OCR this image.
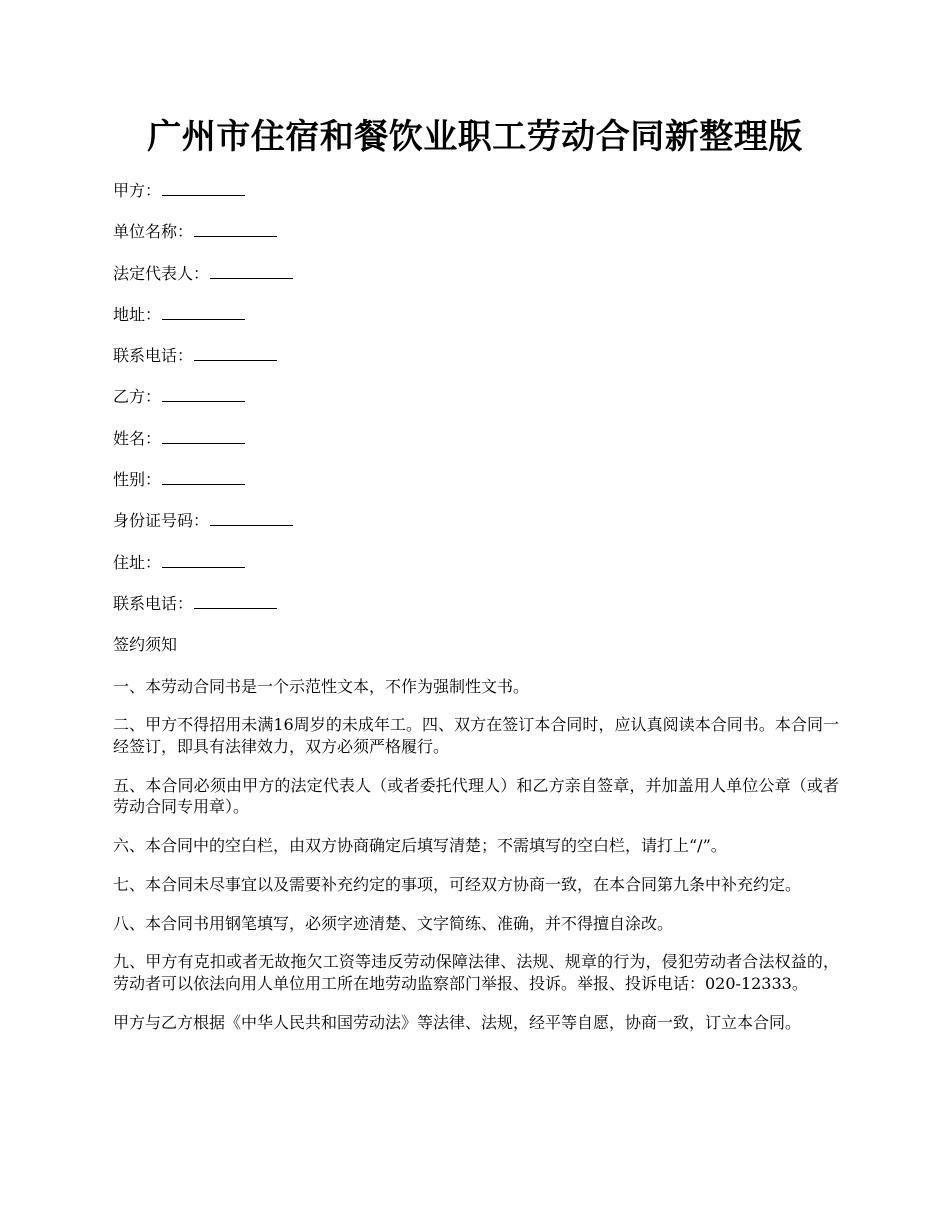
广州市住宿和餐饮业职工劳动合同新整理版
甲方：
单位名称：
法定代表人：
地址：
联系电话：
乙方：
姓名：
性别：
身份证号码：
住址：
联系电话：
签约须知

一、本劳动合同书是一个示范性文本，不作为强制性文书。

二、甲方不得招用未满16周岁的未成年工。四、双方在签订本合同时，应认真阅读本合同书。本合同一经签订，即具有法律效力，双方必须严格履行。

五、本合同必须由甲方的法定代表人（或者委托代理人）和乙方亲自签章，并加盖用人单位公章（或者劳动合同专用章）。

六、本合同中的空白栏，由双方协商确定后填写清楚；不需填写的空白栏，请打上“/”。

七、本合同未尽事宜以及需要补充约定的事项，可经双方协商一致，在本合同第九条中补充约定。

八、本合同书用钢笔填写，必须字迹清楚、文字简练、准确，并不得擅自涂改。

九、甲方有克扣或者无故拖欠工资等违反劳动保障法律、法规、规章的行为，侵犯劳动者合法权益的，劳动者可以依法向用人单位用工所在地劳动监察部门举报、投诉。举报、投诉电话：020-12333。

甲方与乙方根据《中华人民共和国劳动法》等法律、法规，经平等自愿，协商一致，订立本合同。
